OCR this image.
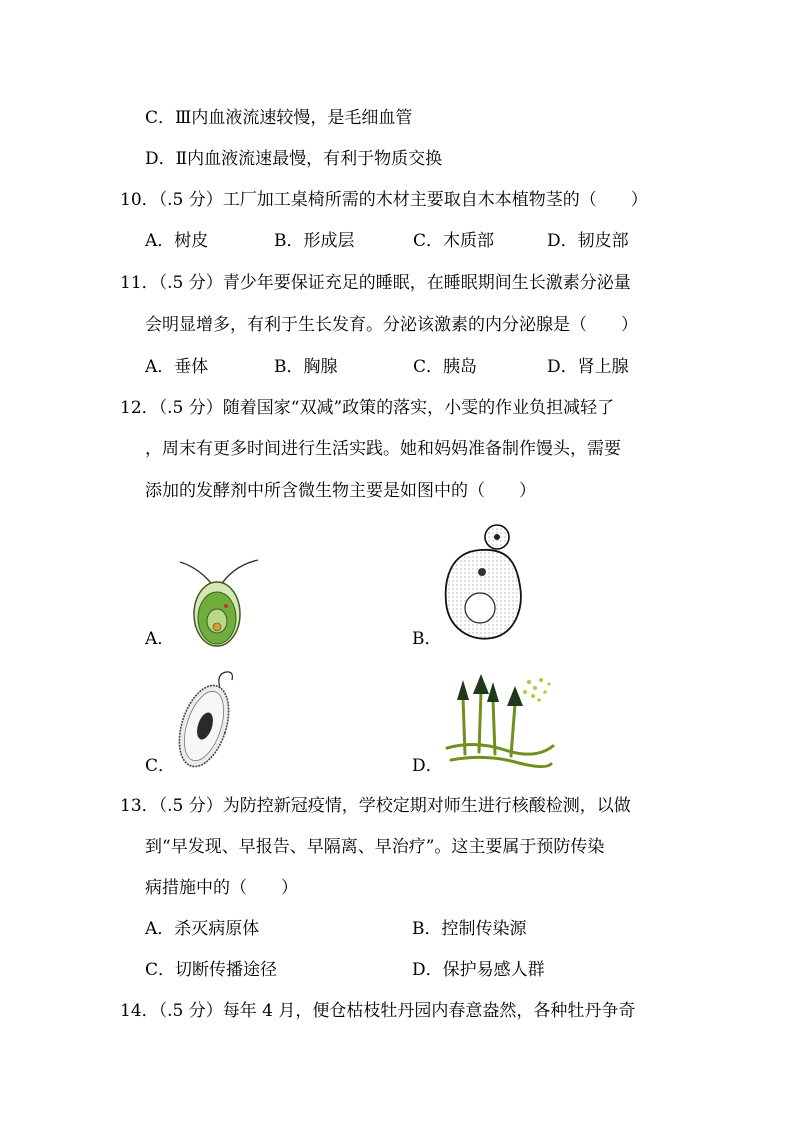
C．Ⅲ内血液流速较慢，是毛细血管
D．Ⅱ内血液流速最慢，有利于物质交换
10．（.5 分）工厂加工桌椅所需的木材主要取自木本植物茎的（　　）
A．树皮	B．形成层	C．木质部	D．韧皮部
11．（.5 分）青少年要保证充足的睡眠，在睡眠期间生长激素分泌量
会明显增多，有利于生长发育。分泌该激素的内分泌腺是（　　）
A．垂体	B．胸腺	C．胰岛	D．肾上腺
12．（.5 分）随着国家“双减”政策的落实，小雯的作业负担减轻了
，周末有更多时间进行生活实践。她和妈妈准备制作馒头，需要
添加的发酵剂中所含微生物主要是如图中的（　　）
A．	B．
C．	D．
13．（.5 分）为防控新冠疫情，学校定期对师生进行核酸检测，以做
到“早发现、早报告、早隔离、早治疗”。这主要属于预防传染
病措施中的（　　）
A．杀灭病原体	B．控制传染源
C．切断传播途径	D．保护易感人群
14．（.5 分）每年 4 月，便仓枯枝牡丹园内春意盎然，各种牡丹争奇
